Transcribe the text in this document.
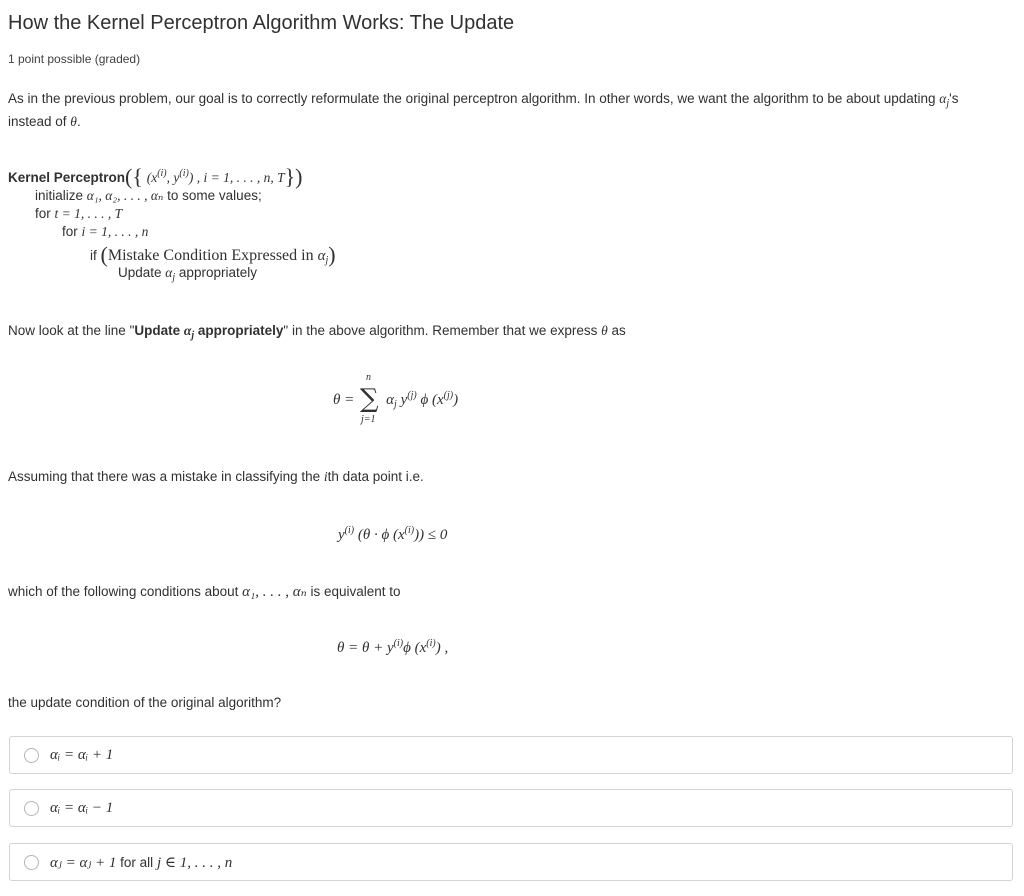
How the Kernel Perceptron Algorithm Works: The Update
1 point possible (graded)
As in the previous problem, our goal is to correctly reformulate the original perceptron algorithm. In other words, we want the algorithm to be about updating $\alpha_j's$ instead of θ.
Kernel Perceptron({ ($x^{(i)}$, $y^{(i)}$) , i = 1, . . . , n, T})
initialize α₁, α₂, . . . , αₙ to some values;
for t = 1, . . . , T
for i = 1, . . . , n
if (Mistake Condition Expressed in $\alpha_j$)
Update $\alpha_j$ appropriately
Now look at the line "Update $\alpha_j$ appropriately" in the above algorithm. Remember that we express θ as
θ =
n
∑
j=1
$\alpha_j$ $y^{(j)}$ ϕ $(x^{(j)})$
Assuming that there was a mistake in classifying the ith data point i.e.
$y^{(i)}$ (θ · ϕ $(x^{(i)})) \le 0$
which of the following conditions about α₁, . . . , αₙ is equivalent to
$\theta = \theta + y^{(i)}\phi$ $(x^{(i)})$ ,
the update condition of the original algorithm?
αᵢ = αᵢ + 1
αᵢ = αᵢ − 1
αⱼ = αⱼ + 1 for all j ∈ 1, . . . , n
